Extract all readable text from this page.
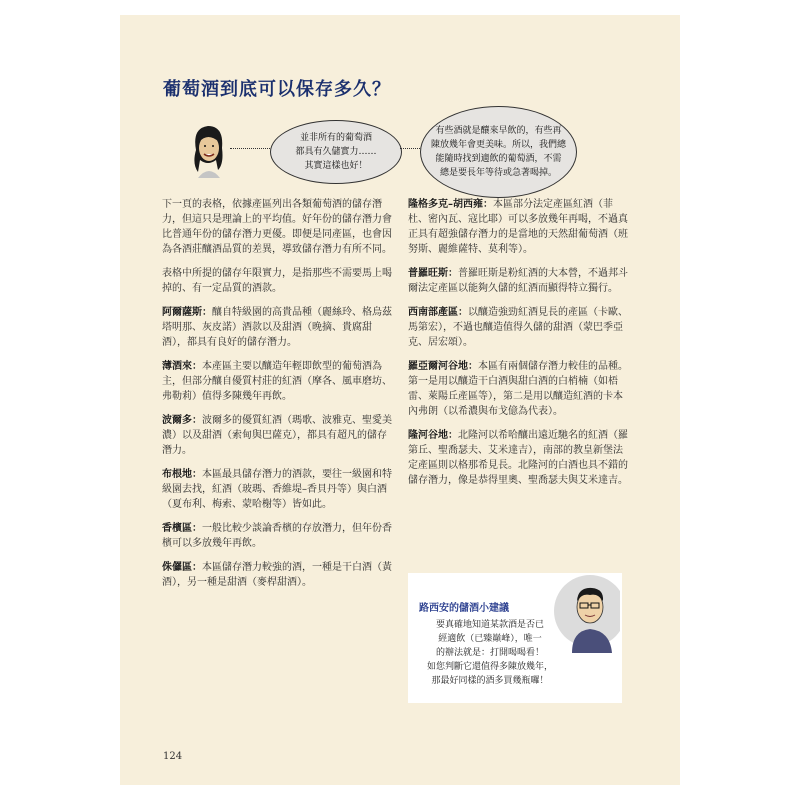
葡萄酒到底可以保存多久？
並非所有的葡萄酒
都具有久儲實力……
其實這樣也好！
有些酒就是釀來早飲的，有些再
陳放幾年會更美味。所以，我們總
能隨時找到適飲的葡萄酒，不需
總是要長年等待或急著喝掉。

下一頁的表格，依據產區列出各類葡萄酒的儲存潛力，但這只是理論上的平均值。好年份的儲存潛力會比普通年份的儲存潛力更優。即便是同產區，也會因為各酒莊釀酒品質的差異，導致儲存潛力有所不同。

表格中所提的儲存年限實力，是指那些不需要馬上喝掉的、有一定品質的酒款。

阿爾薩斯：釀自特級園的高貴品種（麗絲玲、格烏茲塔明那、灰皮諾）酒款以及甜酒（晚摘、貴腐甜酒），都具有良好的儲存潛力。

薄酒來：本產區主要以釀造年輕即飲型的葡萄酒為主，但部分釀自優質村莊的紅酒（摩各、風車磨坊、弗勒莉）值得多陳幾年再飲。

波爾多：波爾多的優質紅酒（瑪歌、波雅克、聖愛美濃）以及甜酒（索甸與巴薩克），都具有超凡的儲存潛力。

布根地：本區最具儲存潛力的酒款，要往一級園和特級園去找，紅酒（玻瑪、香維堤–香貝丹等）與白酒（夏布利、梅索、蒙哈榭等）皆如此。

香檳區：一般比較少談論香檳的存放潛力，但年份香檳可以多放幾年再飲。

侏儸區：本區儲存潛力較強的酒，一種是干白酒（黃酒），另一種是甜酒（麥桿甜酒）。

隆格多克–胡西雍：本區部分法定產區紅酒（菲杜、密內瓦、寇比耶）可以多放幾年再喝，不過真正具有超強儲存潛力的是當地的天然甜葡萄酒（班努斯、麗維薩特、莫利等）。

普羅旺斯：普羅旺斯是粉紅酒的大本營，不過邦斗爾法定產區以能夠久儲的紅酒而顯得特立獨行。

西南部產區：以釀造強勁紅酒見長的產區（卡歐、馬第宏），不過也釀造值得久儲的甜酒（蒙巴季亞克、居宏頌）。

羅亞爾河谷地：本區有兩個儲存潛力較佳的品種。第一是用以釀造干白酒與甜白酒的白梢楠（如梧雷、萊陽丘產區等），第二是用以釀造紅酒的卡本內弗朗（以希濃與布戈億為代表）。

隆河谷地：北隆河以希哈釀出遠近馳名的紅酒（羅第丘、聖喬瑟夫、艾米達吉），南部的教皇新堡法定產區則以格那希見長。北隆河的白酒也具不錯的儲存潛力，像是恭得里奧、聖喬瑟夫與艾米達吉。

路西安的儲酒小建議
要真確地知道某款酒是否已
經適飲（已臻巔峰），唯一
的辦法就是：打開喝喝看！
如您判斷它還值得多陳放幾年，
那最好同樣的酒多買幾瓶囉！
124
